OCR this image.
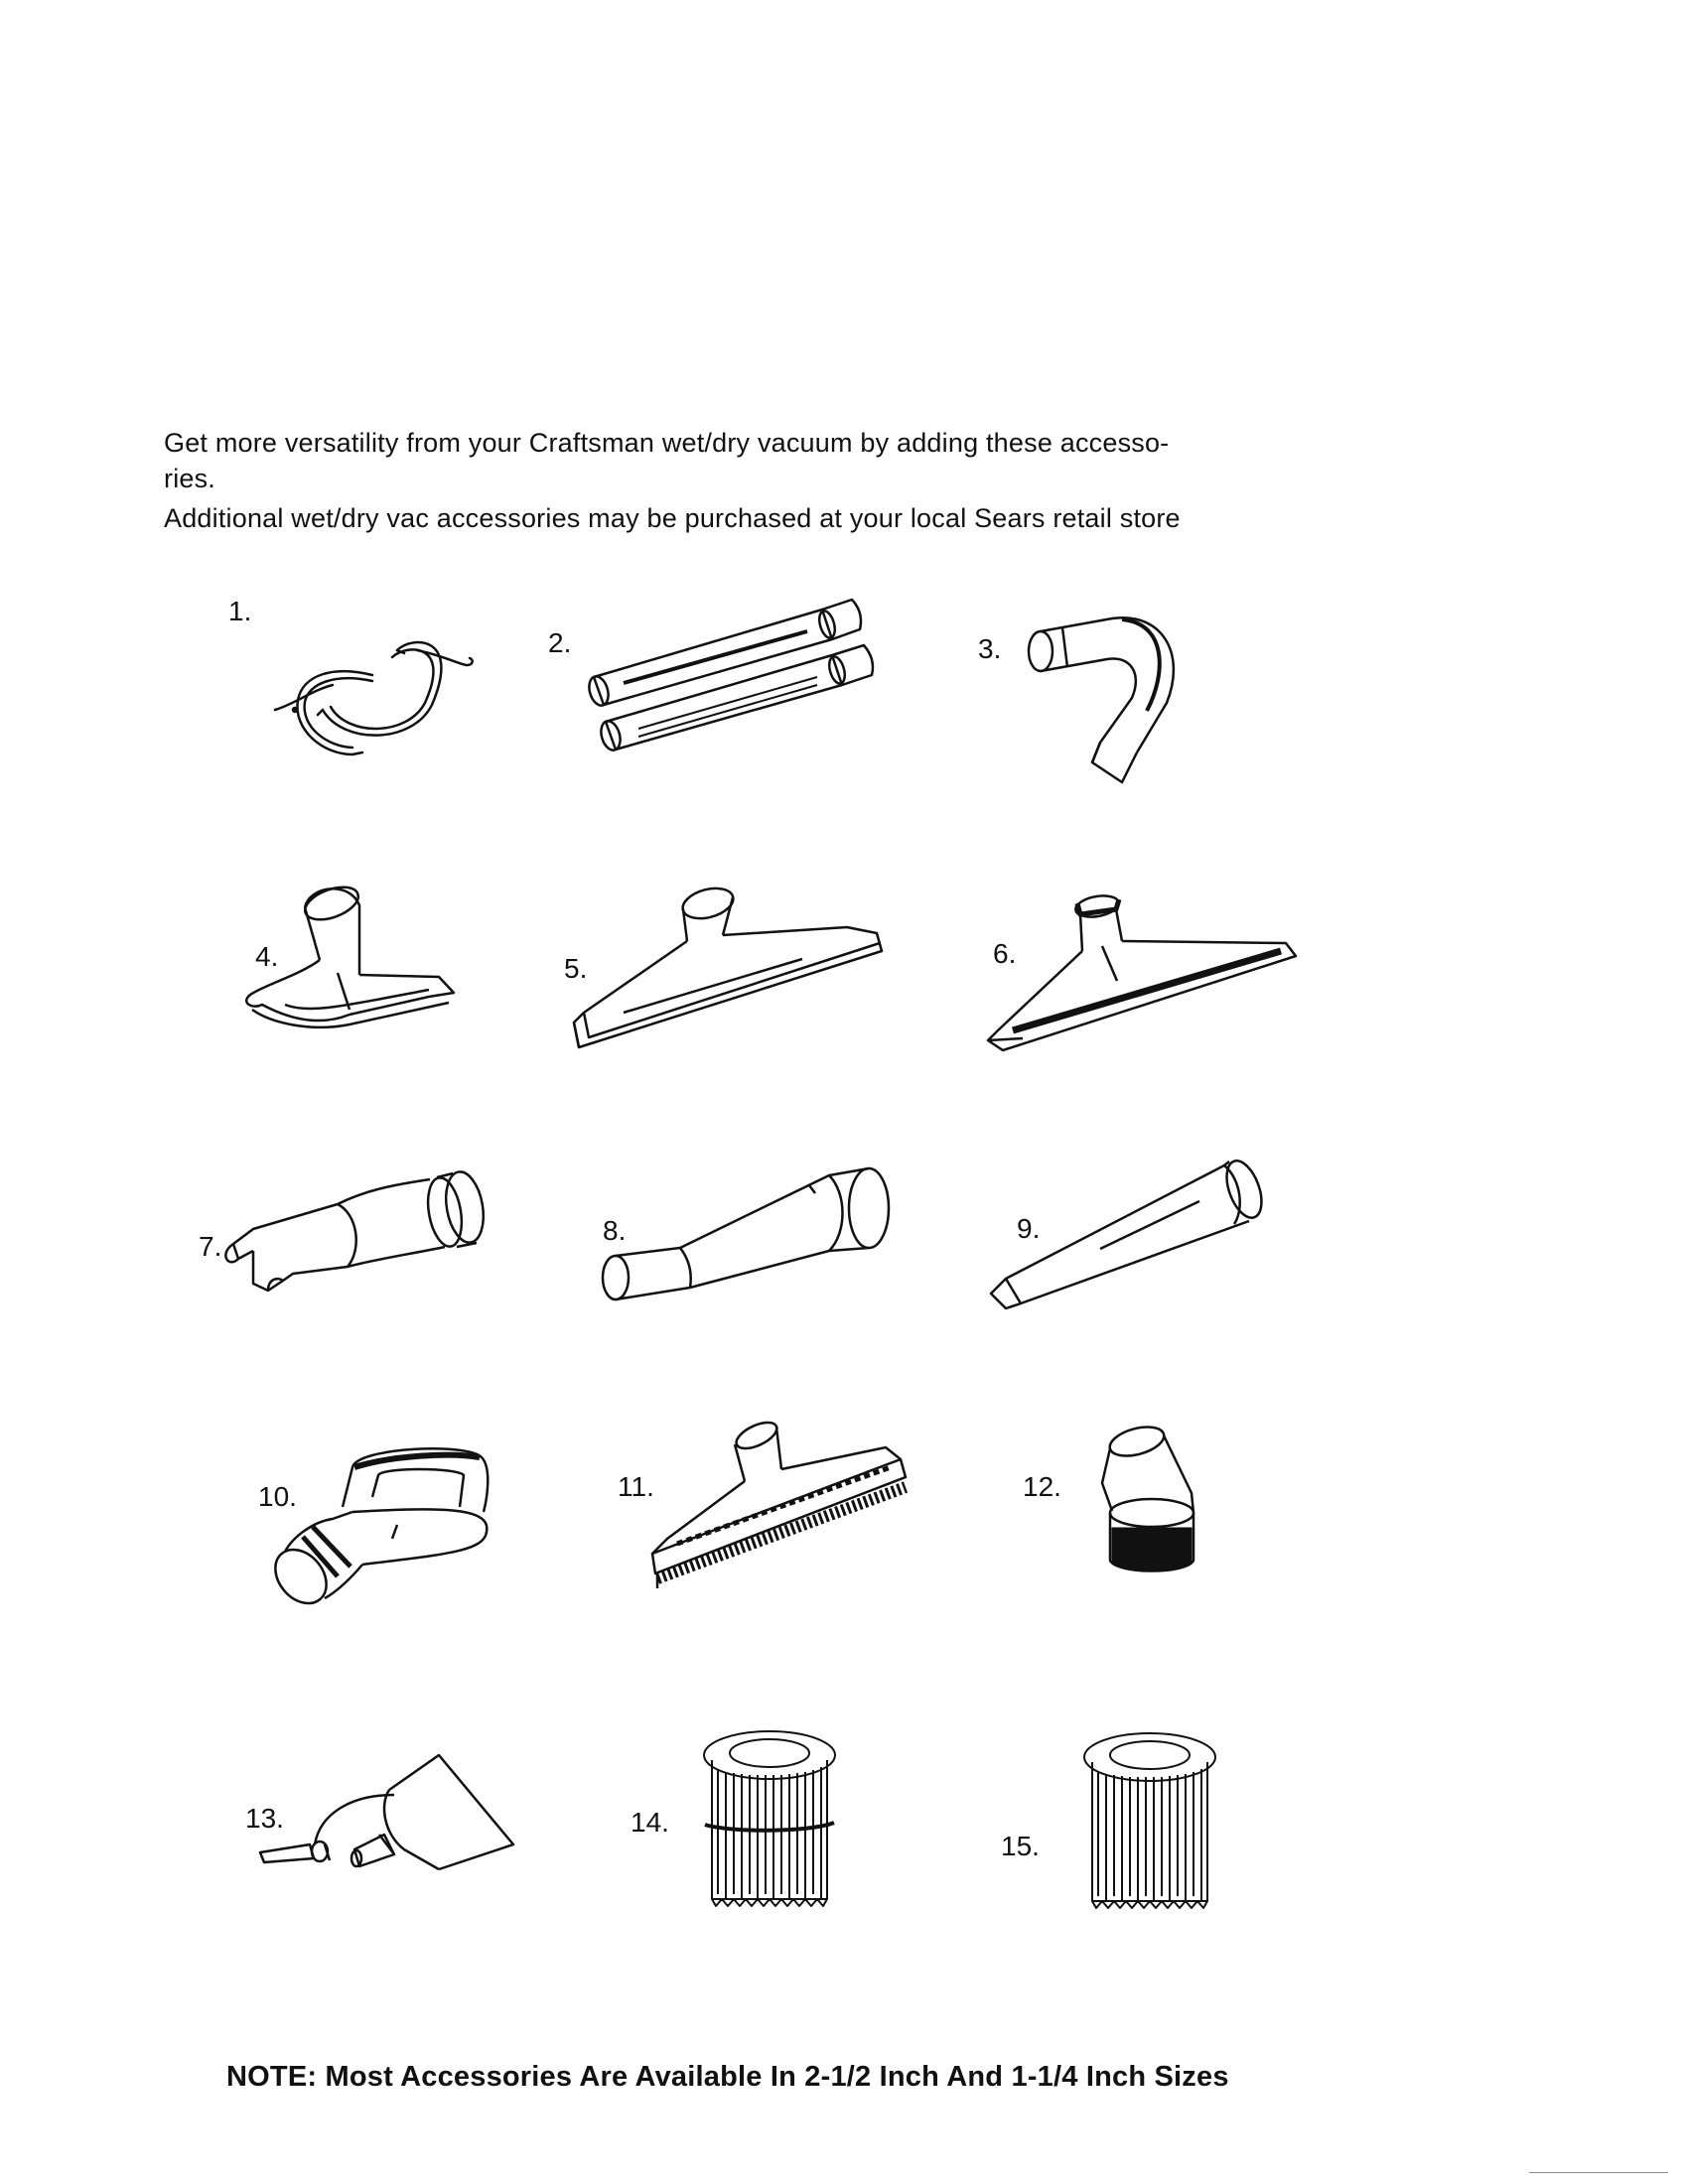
Get more versatility from your Craftsman wet/dry vacuum by adding these accesso-

ries.

Additional wet/dry vac accessories may be purchased at your local Sears retail store

1.
2.	3.
4.	5.	6.
7.
8.	9.
10.	11.	12.
13.	14.
15.
NOTE: Most Accessories Are Available In 2-1/2 Inch And 1-1/4 Inch Sizes
